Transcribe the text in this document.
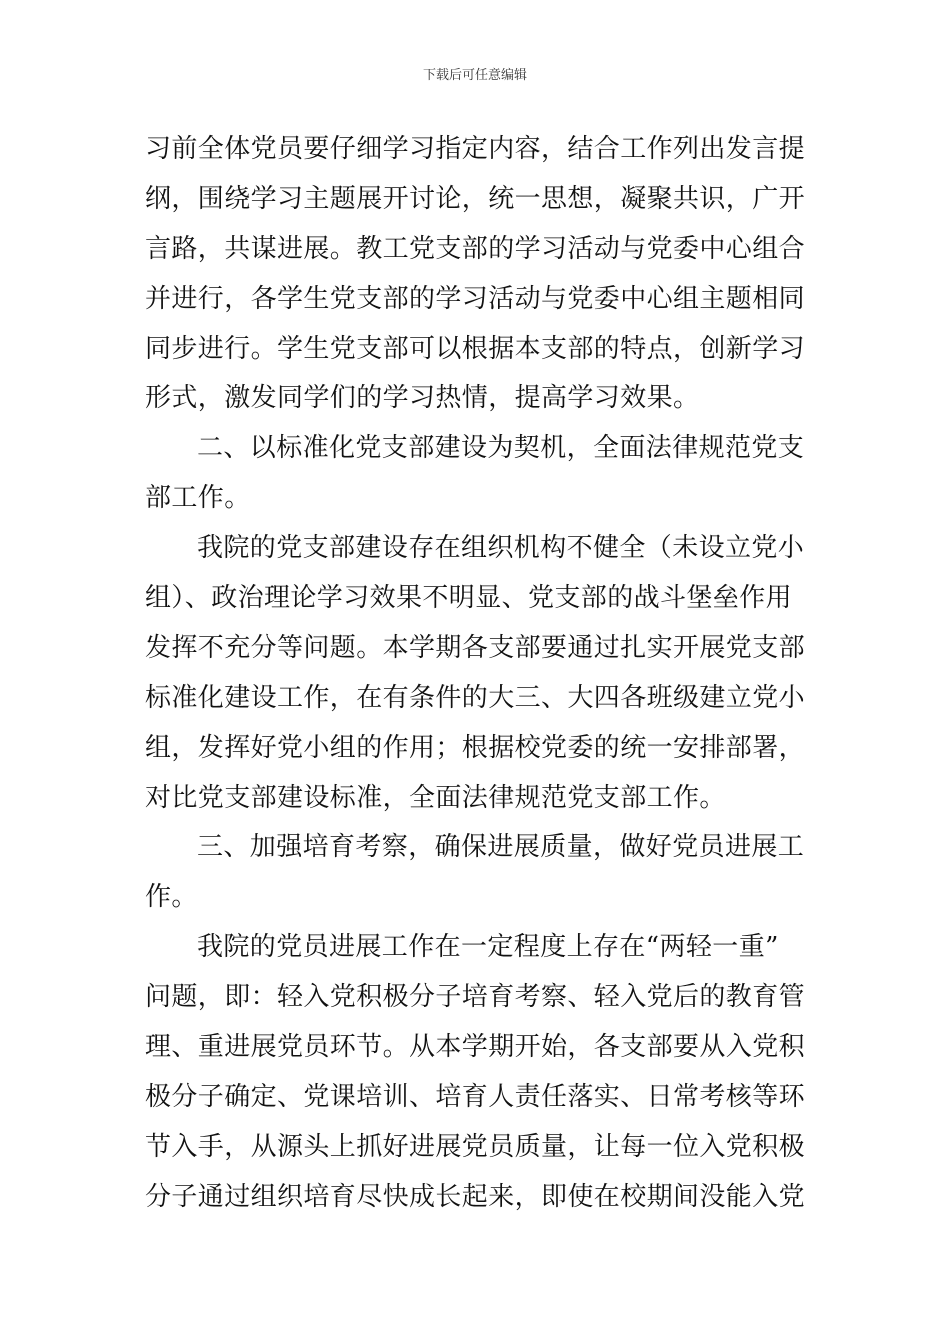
下载后可任意编辑
习前全体党员要仔细学习指定内容，结合工作列出发言提
纲，围绕学习主题展开讨论，统一思想，凝聚共识，广开
言路，共谋进展。教工党支部的学习活动与党委中心组合
并进行，各学生党支部的学习活动与党委中心组主题相同
同步进行。学生党支部可以根据本支部的特点，创新学习
形式，激发同学们的学习热情，提高学习效果。
二、以标准化党支部建设为契机，全面法律规范党支
部工作。
我院的党支部建设存在组织机构不健全（未设立党小
组）、政治理论学习效果不明显、党支部的战斗堡垒作用
发挥不充分等问题。本学期各支部要通过扎实开展党支部
标准化建设工作，在有条件的大三、大四各班级建立党小
组，发挥好党小组的作用；根据校党委的统一安排部署，
对比党支部建设标准，全面法律规范党支部工作。
三、加强培育考察，确保进展质量，做好党员进展工
作。
我院的党员进展工作在一定程度上存在“两轻一重”
问题，即：轻入党积极分子培育考察、轻入党后的教育管
理、重进展党员环节。从本学期开始，各支部要从入党积
极分子确定、党课培训、培育人责任落实、日常考核等环
节入手，从源头上抓好进展党员质量，让每一位入党积极
分子通过组织培育尽快成长起来，即使在校期间没能入党
